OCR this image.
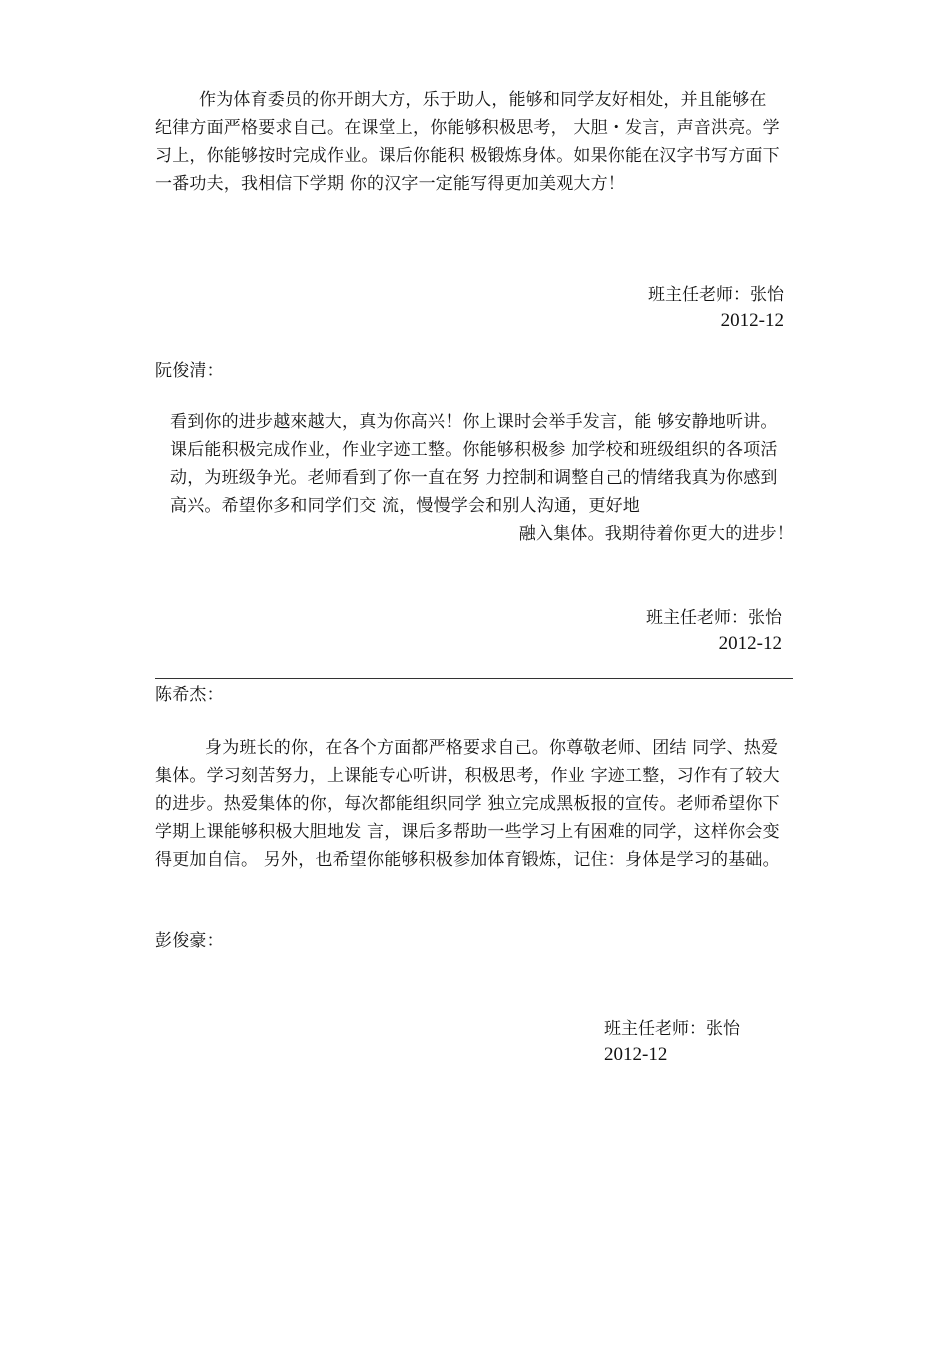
作为体育委员的你开朗大方，乐于助人，能够和同学友好相处，并且能够在纪律方面严格要求自己。在课堂上，你能够积极思考， 大胆・发言，声音洪亮。学习上，你能够按时完成作业。课后你能积 极锻炼身体。如果你能在汉字书写方面下一番功夫，我相信下学期 你的汉字一定能写得更加美观大方！

班主任老师：张怡
2012-12
阮俊清：

看到你的进步越來越大，真为你高兴！你上课时会举手发言，能 够安静地听讲。课后能积极完成作业，作业字迹工整。你能够积极参 加学校和班级组织的各项活动，为班级争光。老师看到了你一直在努 力控制和调整自己的情绪我真为你感到高兴。希望你多和同学们交 流，慢慢学会和别人沟通，更好地

融入集体。我期待着你更大的进步！
班主任老师：张怡
2012-12
陈希杰：

身为班长的你，在各个方面都严格要求自己。你尊敬老师、团结 同学、热爱集体。学习刻苦努力，上课能专心听讲，积极思考，作业 字迹工整，习作有了较大的进步。热爱集体的你，每次都能组织同学 独立完成黑板报的宣传。老师希望你下学期上课能够积极大胆地发 言，课后多帮助一些学习上有困难的同学，这样你会变得更加自信。 另外，也希望你能够积极参加体育锻炼，记住：身体是学习的基础。

彭俊豪：
班主任老师：张怡
2012-12
